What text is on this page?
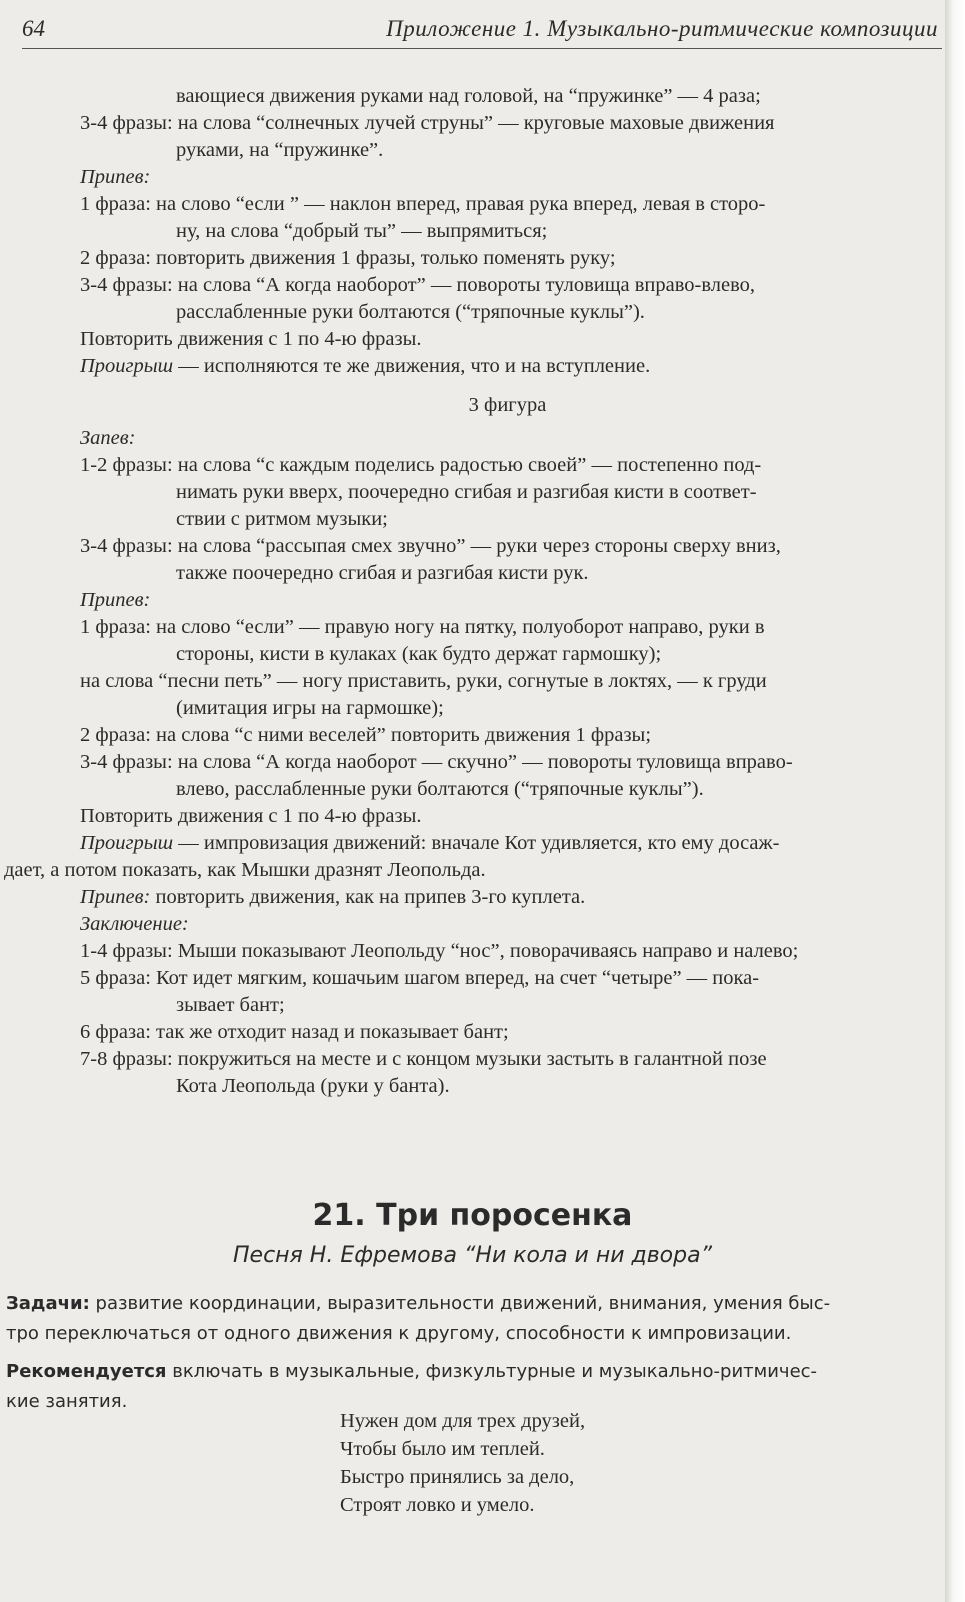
64	Приложение 1. Музыкально-ритмические композиции
вающиеся движения руками над головой, на “пружинке” — 4 раза;
3-4 фразы: на слова “солнечных лучей струны” — круговые маховые движения
руками, на “пружинке”.
Припев:
1 фраза: на слово “если ” — наклон вперед, правая рука вперед, левая в сторо-
ну, на слова “добрый ты” — выпрямиться;
2 фраза: повторить движения 1 фразы, только поменять руку;
3-4 фразы: на слова “А когда наоборот” — повороты туловища вправо-влево,
расслабленные руки болтаются (“тряпочные куклы”).
Повторить движения с 1 по 4-ю фразы.
Проигрыш — исполняются те же движения, что и на вступление.
3 фигура
Запев:
1-2 фразы: на слова “с каждым поделись радостью своей” — постепенно под-
нимать руки вверх, поочередно сгибая и разгибая кисти в соответ-
ствии с ритмом музыки;
3-4 фразы: на слова “рассыпая смех звучно” — руки через стороны сверху вниз,
также поочередно сгибая и разгибая кисти рук.
Припев:
1 фраза: на слово “если” — правую ногу на пятку, полуоборот направо, руки в
стороны, кисти в кулаках (как будто держат гармошку);
на слова “песни петь” — ногу приставить, руки, согнутые в локтях, — к груди
(имитация игры на гармошке);
2 фраза: на слова “с ними веселей” повторить движения 1 фразы;
3-4 фразы: на слова “А когда наоборот — скучно” — повороты туловища вправо-
влево, расслабленные руки болтаются (“тряпочные куклы”).
Повторить движения с 1 по 4-ю фразы.
Проигрыш — импровизация движений: вначале Кот удивляется, кто ему досаж-
дает, а потом показать, как Мышки дразнят Леопольда.
Припев: повторить движения, как на припев 3-го куплета.
Заключение:
1-4 фразы: Мыши показывают Леопольду “нос”, поворачиваясь направо и налево;
5 фраза: Кот идет мягким, кошачьим шагом вперед, на счет “четыре” — пока-
зывает бант;
6 фраза: так же отходит назад и показывает бант;
7-8 фразы: покружиться на месте и с концом музыки застыть в галантной позе
Кота Леопольда (руки у банта).
21. Три поросенка
Песня Н. Ефремова “Ни кола и ни двора”
Задачи: развитие координации, выразительности движений, внимания, умения быс-
тро переключаться от одного движения к другому, способности к импровизации.
Рекомендуется включать в музыкальные, физкультурные и музыкально-ритмичес-
кие занятия.
Нужен дом для трех друзей,
Чтобы было им теплей.
Быстро принялись за дело,
Строят ловко и умело.
